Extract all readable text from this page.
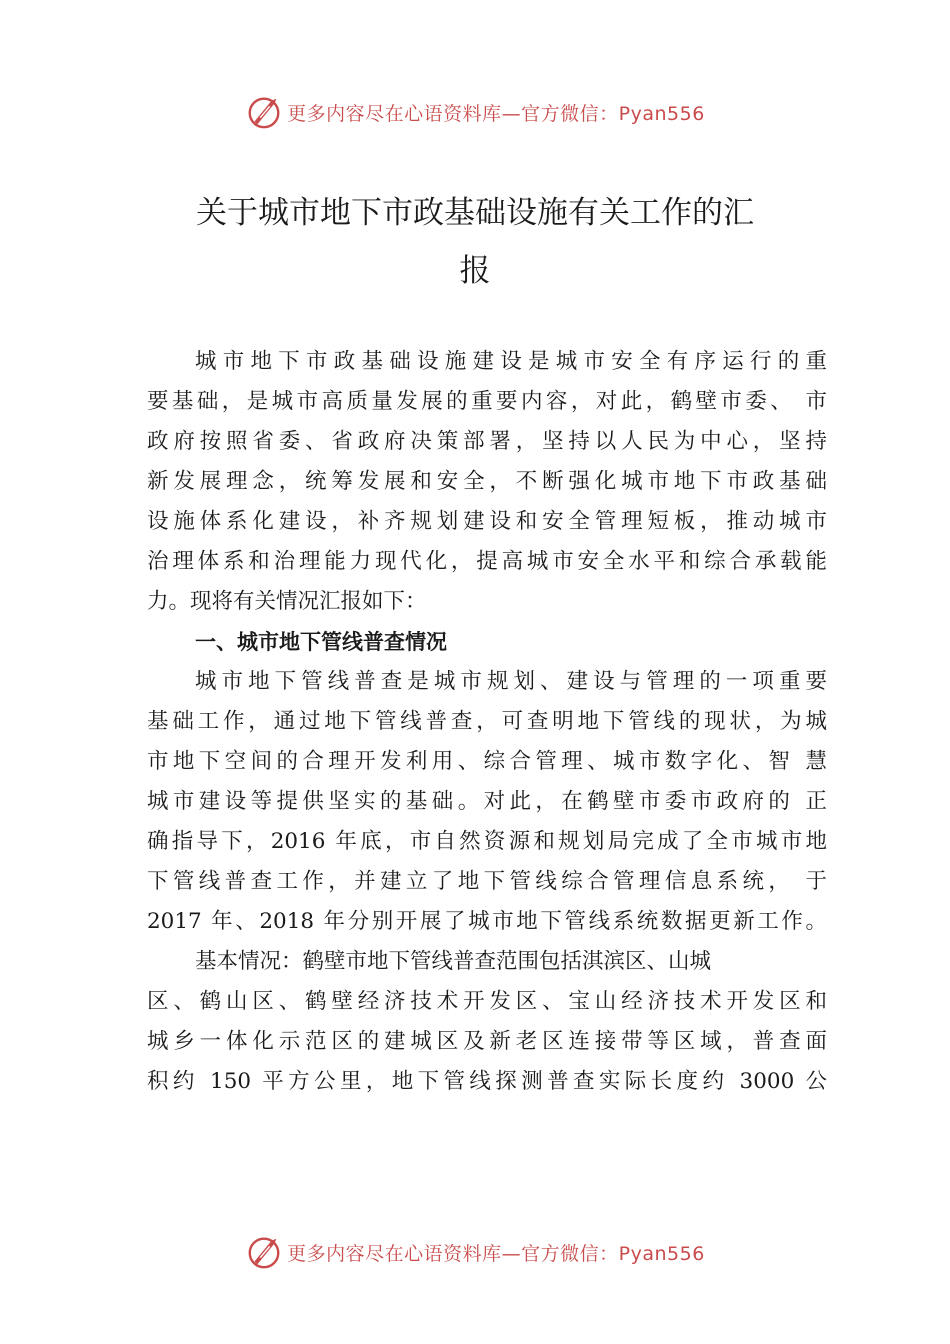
更多内容尽在心语资料库—官方微信：Pyan556
关于城市地下市政基础设施有关工作的汇
报

城市地下市政基础设施建设是城市安全有序运行的重
要基础，是城市高质量发展的重要内容，对此，鹤壁市委、 市
政府按照省委、省政府决策部署，坚持以人民为中心，坚持
新发展理念，统筹发展和安全，不断强化城市地下市政基础
设施体系化建设，补齐规划建设和安全管理短板，推动城市
治理体系和治理能力现代化，提高城市安全水平和综合承载能
力。现将有关情况汇报如下：

一、城市地下管线普查情况

城市地下管线普查是城市规划、建设与管理的一项重要
基础工作，通过地下管线普查，可查明地下管线的现状，为城
市地下空间的合理开发利用、综合管理、城市数字化、智 慧
城市建设等提供坚实的基础。对此，在鹤壁市委市政府的 正
确指导下，2016 年底，市自然资源和规划局完成了全市城市地
下管线普查工作，并建立了地下管线综合管理信息系统， 于
2017 年、2018 年分别开展了城市地下管线系统数据更新工作。

基本情况：鹤壁市地下管线普查范围包括淇滨区、山城
区、鹤山区、鹤壁经济技术开发区、宝山经济技术开发区和
城乡一体化示范区的建城区及新老区连接带等区域，普查面
积约 150 平方公里，地下管线探测普查实际长度约 3000 公

更多内容尽在心语资料库—官方微信：Pyan556
